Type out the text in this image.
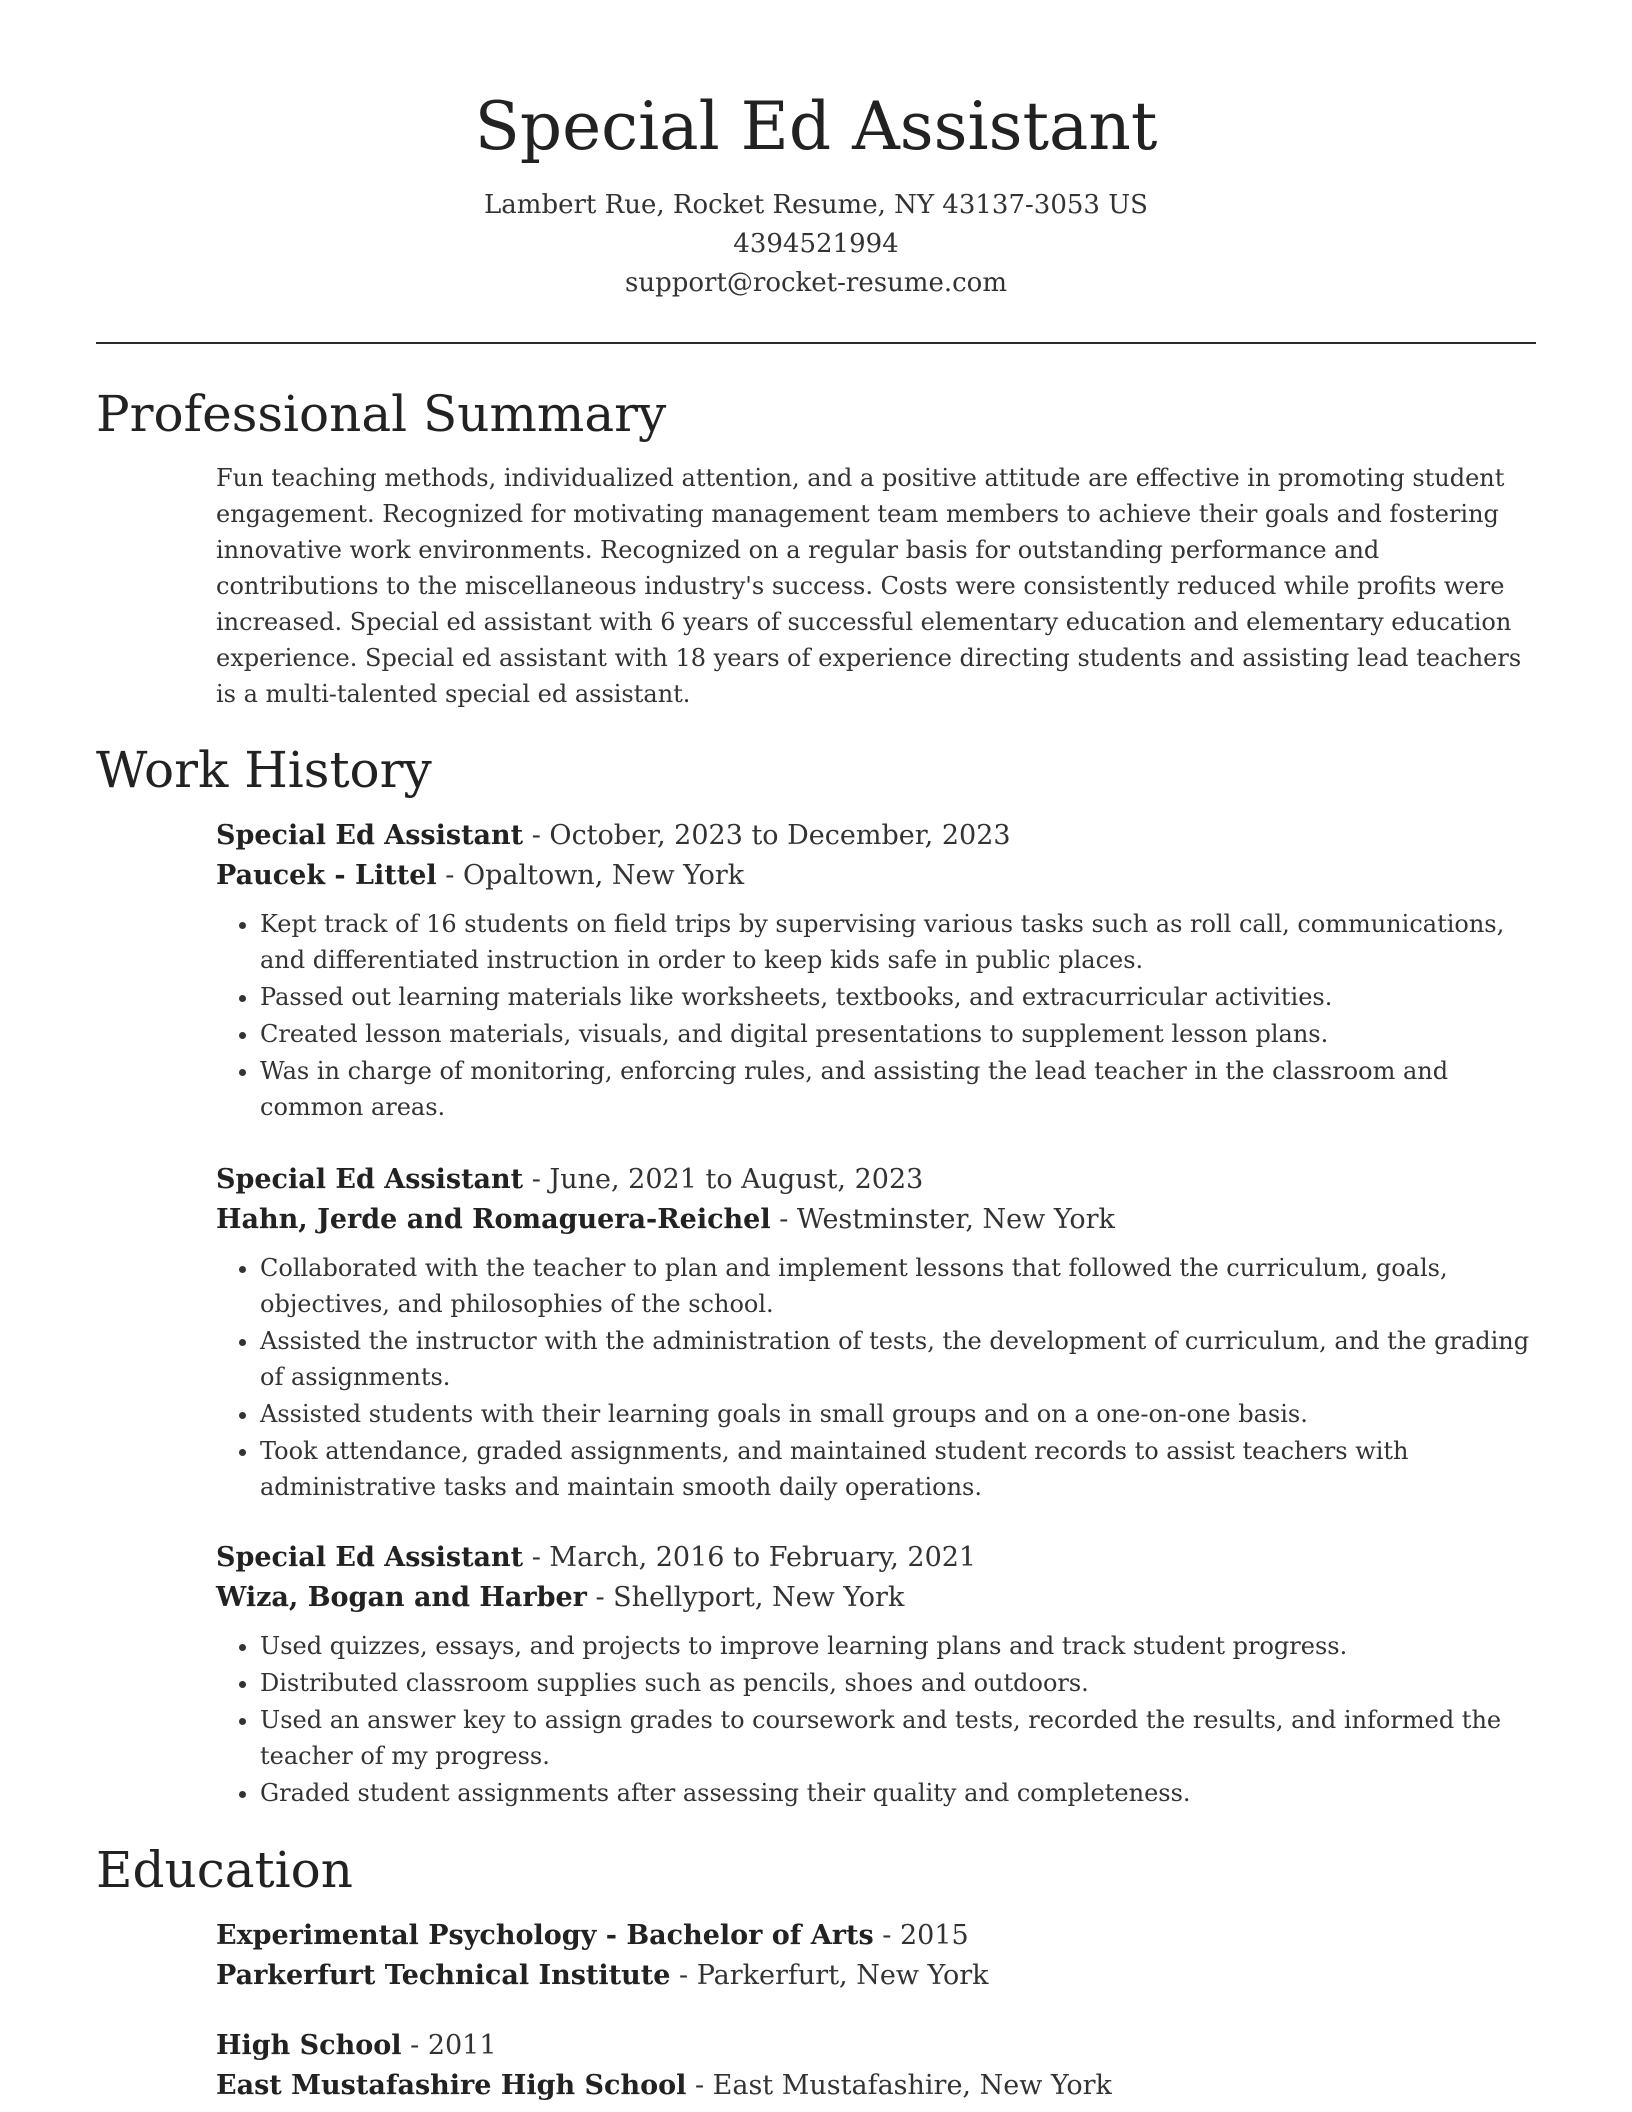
Special Ed Assistant
Lambert Rue, Rocket Resume, NY 43137-3053 US
4394521994
support@rocket-resume.com
Professional Summary

Fun teaching methods, individualized attention, and a positive attitude are effective in promoting student engagement. Recognized for motivating management team members to achieve their goals and fostering innovative work environments. Recognized on a regular basis for outstanding performance and contributions to the miscellaneous industry's success. Costs were consistently reduced while profits were increased. Special ed assistant with 6 years of successful elementary education and elementary education experience. Special ed assistant with 18 years of experience directing students and assisting lead teachers is a multi-talented special ed assistant.

Work History

Special Ed Assistant - October, 2023 to December, 2023

Paucek - Littel - Opaltown, New York

• Kept track of 16 students on field trips by supervising various tasks such as roll call, communications, and differentiated instruction in order to keep kids safe in public places.
• Passed out learning materials like worksheets, textbooks, and extracurricular activities.
• Created lesson materials, visuals, and digital presentations to supplement lesson plans.
• Was in charge of monitoring, enforcing rules, and assisting the lead teacher in the classroom and common areas.

Special Ed Assistant - June, 2021 to August, 2023

Hahn, Jerde and Romaguera-Reichel - Westminster, New York

• Collaborated with the teacher to plan and implement lessons that followed the curriculum, goals, objectives, and philosophies of the school.
• Assisted the instructor with the administration of tests, the development of curriculum, and the grading of assignments.
• Assisted students with their learning goals in small groups and on a one-on-one basis.
• Took attendance, graded assignments, and maintained student records to assist teachers with administrative tasks and maintain smooth daily operations.

Special Ed Assistant - March, 2016 to February, 2021

Wiza, Bogan and Harber - Shellyport, New York

• Used quizzes, essays, and projects to improve learning plans and track student progress.
• Distributed classroom supplies such as pencils, shoes and outdoors.
• Used an answer key to assign grades to coursework and tests, recorded the results, and informed the teacher of my progress.
• Graded student assignments after assessing their quality and completeness.
Education

Experimental Psychology - Bachelor of Arts - 2015

Parkerfurt Technical Institute - Parkerfurt, New York

High School - 2011

East Mustafashire High School - East Mustafashire, New York
